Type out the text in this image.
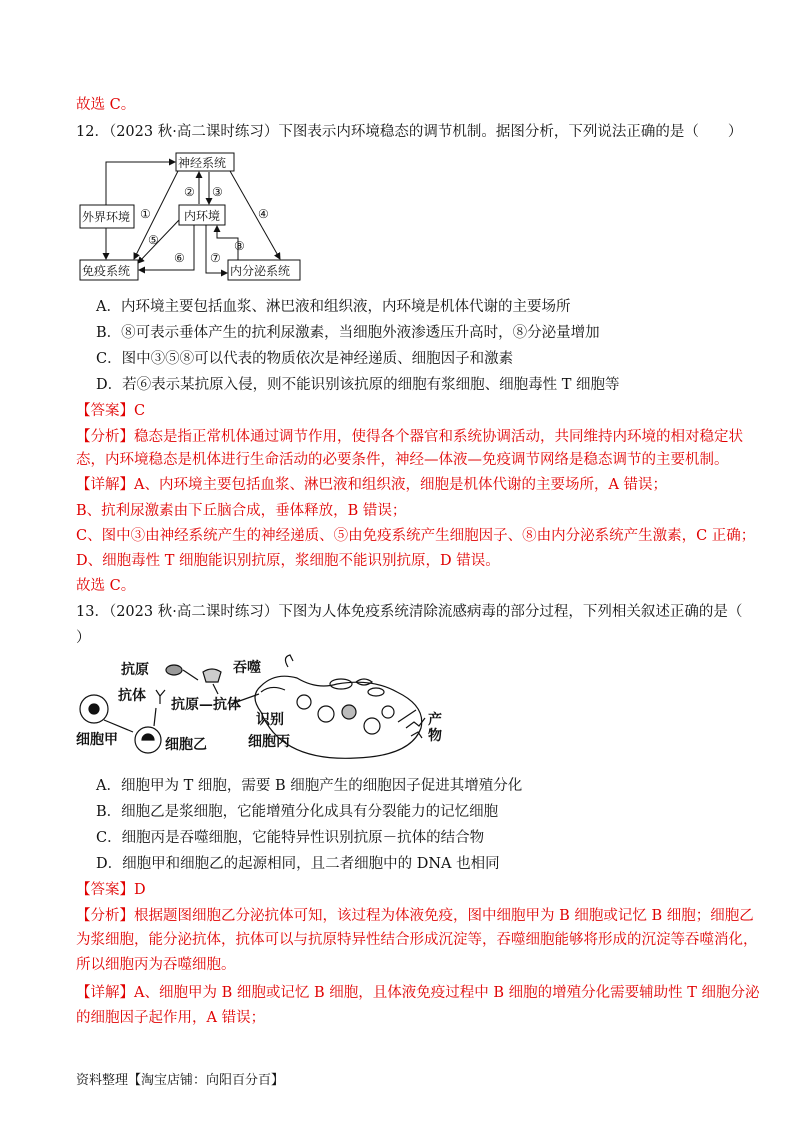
故选 C。
12．（2023 秋·高二课时练习）下图表示内环境稳态的调节机制。据图分析，下列说法正确的是（　　）
神经系统
外界环境	内环境
免疫系统	内分泌系统
①
② ③
④
⑤
⑥ ⑦
⑧
A．内环境主要包括血浆、淋巴液和组织液，内环境是机体代谢的主要场所
B．⑧可表示垂体产生的抗利尿激素，当细胞外液渗透压升高时，⑧分泌量增加
C．图中③⑤⑧可以代表的物质依次是神经递质、细胞因子和激素
D．若⑥表示某抗原入侵，则不能识别该抗原的细胞有浆细胞、细胞毒性 T 细胞等
【答案】C
【分析】稳态是指正常机体通过调节作用，使得各个器官和系统协调活动，共同维持内环境的相对稳定状
态，内环境稳态是机体进行生命活动的必要条件，神经—体液—免疫调节网络是稳态调节的主要机制。
【详解】A、内环境主要包括血浆、淋巴液和组织液，细胞是机体代谢的主要场所，A 错误；
B、抗利尿激素由下丘脑合成，垂体释放，B 错误；
C、图中③由神经系统产生的神经递质、⑤由免疫系统产生细胞因子、⑧由内分泌系统产生激素，C 正确；
D、细胞毒性 T 细胞能识别抗原，浆细胞不能识别抗原，D 错误。
故选 C。
13．（2023 秋·高二课时练习）下图为人体免疫系统清除流感病毒的部分过程，下列相关叙述正确的是（
）
抗原	吞噬
抗体
抗原—抗体
识别
细胞丙
细胞甲	细胞乙
产
物
A．细胞甲为 T 细胞，需要 B 细胞产生的细胞因子促进其增殖分化
B．细胞乙是浆细胞，它能增殖分化成具有分裂能力的记忆细胞
C．细胞丙是吞噬细胞，它能特异性识别抗原－抗体的结合物
D．细胞甲和细胞乙的起源相同，且二者细胞中的 DNA 也相同
【答案】D
【分析】根据题图细胞乙分泌抗体可知，该过程为体液免疫，图中细胞甲为 B 细胞或记忆 B 细胞；细胞乙
为浆细胞，能分泌抗体，抗体可以与抗原特异性结合形成沉淀等，吞噬细胞能够将形成的沉淀等吞噬消化，
所以细胞丙为吞噬细胞。
【详解】A、细胞甲为 B 细胞或记忆 B 细胞，且体液免疫过程中 B 细胞的增殖分化需要辅助性 T 细胞分泌
的细胞因子起作用，A 错误；
资料整理【淘宝店铺：向阳百分百】
